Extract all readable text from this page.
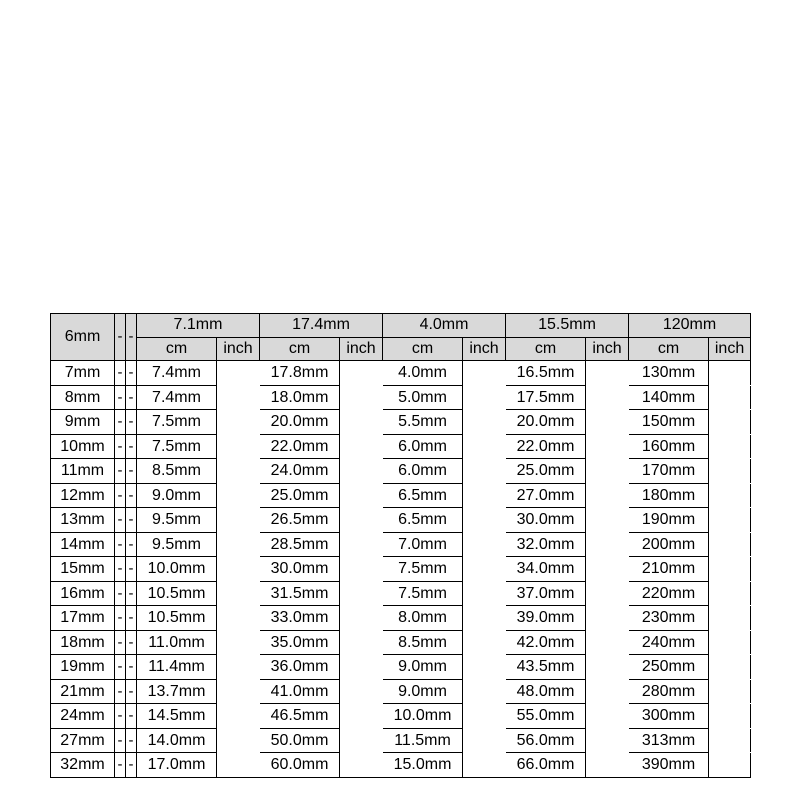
6mm	-	-	7.1mm		17.4mm		4.0mm		15.5mm		120mm	
			cm	inch	cm	inch	cm	inch	cm	inch	cm	inch
7mm	-	-	7.4mm		17.8mm		4.0mm		16.5mm		130mm	
8mm	-	-	7.4mm		18.0mm		5.0mm		17.5mm		140mm	
9mm	-	-	7.5mm		20.0mm		5.5mm		20.0mm		150mm	
10mm	-	-	7.5mm		22.0mm		6.0mm		22.0mm		160mm	
11mm	-	-	8.5mm		24.0mm		6.0mm		25.0mm		170mm	
12mm	-	-	9.0mm		25.0mm		6.5mm		27.0mm		180mm	
13mm	-	-	9.5mm		26.5mm		6.5mm		30.0mm		190mm	
14mm	-	-	9.5mm		28.5mm		7.0mm		32.0mm		200mm	
15mm	-	-	10.0mm		30.0mm		7.5mm		34.0mm		210mm	
16mm	-	-	10.5mm		31.5mm		7.5mm		37.0mm		220mm	
17mm	-	-	10.5mm		33.0mm		8.0mm		39.0mm		230mm	
18mm	-	-	11.0mm		35.0mm		8.5mm		42.0mm		240mm	
19mm	-	-	11.4mm		36.0mm		9.0mm		43.5mm		250mm	
21mm	-	-	13.7mm		41.0mm		9.0mm		48.0mm		280mm	
24mm	-	-	14.5mm		46.5mm		10.0mm		55.0mm		300mm	
27mm	-	-	14.0mm		50.0mm		11.5mm		56.0mm		313mm	
32mm	-	-	17.0mm		60.0mm		15.0mm		66.0mm		390mm	
